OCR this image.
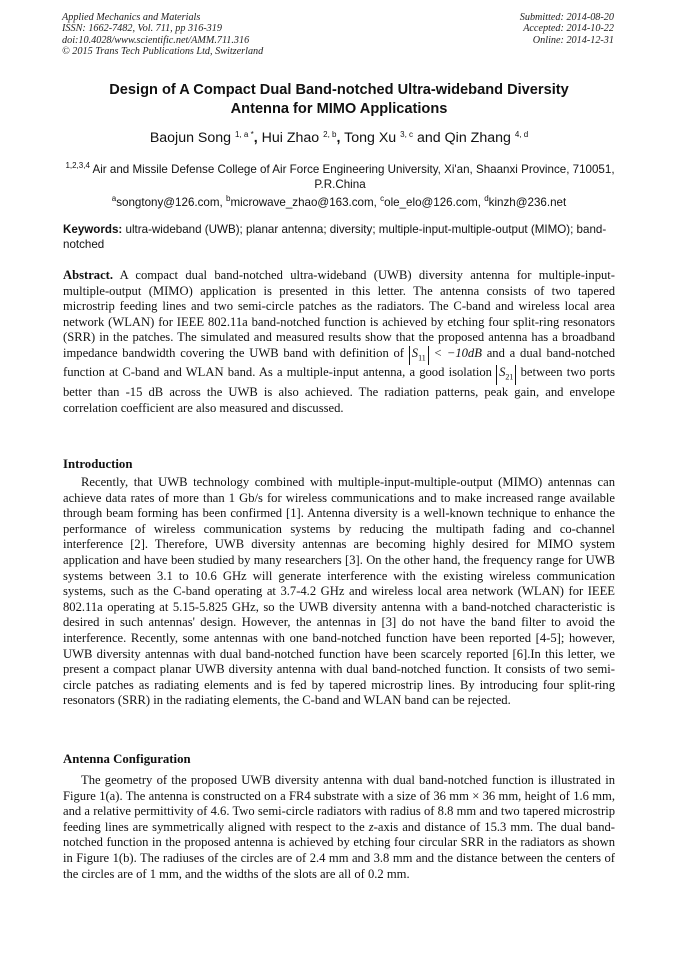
Applied Mechanics and Materials
ISSN: 1662-7482, Vol. 711, pp 316-319
doi:10.4028/www.scientific.net/AMM.711.316
© 2015 Trans Tech Publications Ltd, Switzerland
Submitted: 2014-08-20
Accepted: 2014-10-22
Online: 2014-12-31
Design of A Compact Dual Band-notched Ultra-wideband Diversity
Antenna for MIMO Applications
Baojun Song $^{1, a *}$, Hui Zhao $^{2, b}$, Tong Xu $^{3, c}$ and Qin Zhang $^{4, d}$
$^{1,2,3,4}$ Air and Missile Defense College of Air Force Engineering University, Xi'an, Shaanxi Province, 710051, P.R.China
$^a$songtony@126.com, $^b$microwave_zhao@163.com, $^c$ole_elo@126.com, $^d$kinzh@236.net
Keywords: ultra-wideband (UWB); planar antenna; diversity; multiple-input-multiple-output (MIMO); band-notched
Abstract. A compact dual band-notched ultra-wideband (UWB) diversity antenna for multiple-input-multiple-output (MIMO) application is presented in this letter. The antenna consists of two tapered microstrip feeding lines and two semi-circle patches as the radiators. The C-band and wireless local area network (WLAN) for IEEE 802.11a band-notched function is achieved by etching four split-ring resonators (SRR) in the patches. The simulated and measured results show that the proposed antenna has a broadband impedance bandwidth covering the UWB band with definition of $S_{11} < -10dB$ and a dual band-notched function at C-band and WLAN band. As a multiple-input antenna, a good isolation $S_{21}$ between two ports better than -15 dB across the UWB is also achieved. The radiation patterns, peak gain, and envelope correlation coefficient are also measured and discussed.
Introduction
Recently, that UWB technology combined with multiple-input-multiple-output (MIMO) antennas can achieve data rates of more than 1 Gb/s for wireless communications and to make increased range available through beam forming has been confirmed [1]. Antenna diversity is a well-known technique to enhance the performance of wireless communication systems by reducing the multipath fading and co-channel interference [2]. Therefore, UWB diversity antennas are becoming highly desired for MIMO system application and have been studied by many researchers [3]. On the other hand, the frequency range for UWB systems between 3.1 to 10.6 GHz will generate interference with the existing wireless communication systems, such as the C-band operating at 3.7-4.2 GHz and wireless local area network (WLAN) for IEEE 802.11a operating at 5.15-5.825 GHz, so the UWB diversity antenna with a band-notched characteristic is desired in such antennas' design. However, the antennas in [3] do not have the band filter to avoid the interference. Recently, some antennas with one band-notched function have been reported [4-5]; however, UWB diversity antennas with dual band-notched function have been scarcely reported [6].In this letter, we present a compact planar UWB diversity antenna with dual band-notched function. It consists of two semi-circle patches as radiating elements and is fed by tapered microstrip lines. By introducing four split-ring resonators (SRR) in the radiating elements, the C-band and WLAN band can be rejected.
Antenna Configuration
The geometry of the proposed UWB diversity antenna with dual band-notched function is illustrated in Figure 1(a). The antenna is constructed on a FR4 substrate with a size of 36 mm × 36 mm, height of 1.6 mm, and a relative permittivity of 4.6. Two semi-circle radiators with radius of 8.8 mm and two tapered microstrip feeding lines are symmetrically aligned with respect to the z-axis and distance of 15.3 mm. The dual band-notched function in the proposed antenna is achieved by etching four circular SRR in the radiators as shown in Figure 1(b). The radiuses of the circles are of 2.4 mm and 3.8 mm and the distance between the centers of the circles are of 1 mm, and the widths of the slots are all of 0.2 mm.
